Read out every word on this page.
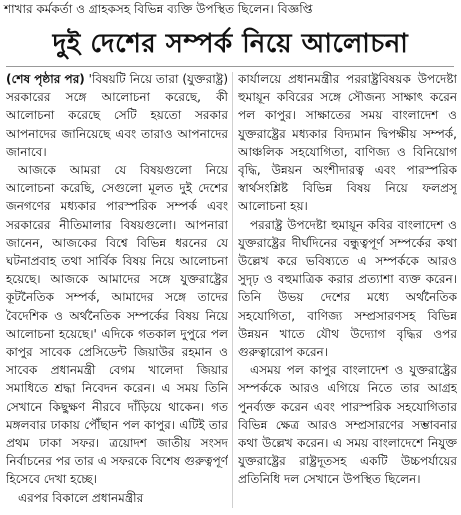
শাখার কর্মকর্তা ও গ্রাহকসহ বিভিন্ন ব্যক্তি উপস্থিত ছিলেন। বিজ্ঞপ্তি
দুই দেশের সম্পর্ক নিয়ে আলোচনা

(শেষ পৃষ্ঠার পর) 'বিষয়টি নিয়ে তারা (যুক্তরাষ্ট্র) সরকারের সঙ্গে আলোচনা করেছে, কী আলোচনা করেছে সেটি হয়তো সরকার আপনাদের জানিয়েছে এবং তারাও আপনাদের জানাবে।

আজকে আমরা যে বিষয়গুলো নিয়ে আলোচনা করেছি, সেগুলো মূলত দুই দেশের জনগণের মধ্যকার পারস্পরিক সম্পর্ক এবং সরকারের নীতিমালার বিষয়গুলো। আপনারা জানেন, আজকের বিশ্বে বিভিন্ন ধরনের যে ঘটনাপ্রবাহ তথা সার্বিক বিষয় নিয়ে আলোচনা হয়েছে। আজকে আমাদের সঙ্গে যুক্তরাষ্ট্রের কূটনৈতিক সম্পর্ক, আমাদের সঙ্গে তাদের বৈদেশিক ও অর্থনৈতিক সম্পর্কের বিষয় নিয়ে আলোচনা হয়েছে।' এদিকে গতকাল দুপুরে পল কাপুর সাবেক প্রেসিডেন্ট জিয়াউর রহমান ও সাবেক প্রধানমন্ত্রী বেগম খালেদা জিয়ার সমাধিতে শ্রদ্ধা নিবেদন করেন। এ সময় তিনি সেখানে কিছুক্ষণ নীরবে দাঁড়িয়ে থাকেন। গত মঙ্গলবার ঢাকায় পৌঁছান পল কাপুর। এটিই তার প্রথম ঢাকা সফর। ত্রয়োদশ জাতীয় সংসদ নির্বাচনের পর তার এ সফরকে বিশেষ গুরুত্বপূর্ণ হিসেবে দেখা হচ্ছে।

এরপর বিকালে প্রধানমন্ত্রীর

কার্যালয়ে প্রধানমন্ত্রীর পররাষ্ট্রবিষয়ক উপদেষ্টা হুমায়ূন কবিরের সঙ্গে সৌজন্য সাক্ষাৎ করেন পল কাপুর। সাক্ষাতের সময় বাংলাদেশ ও যুক্তরাষ্ট্রের মধ্যকার বিদ্যমান দ্বিপক্ষীয় সম্পর্ক, আঞ্চলিক সহযোগিতা, বাণিজ্য ও বিনিয়োগ বৃদ্ধি, উন্নয়ন অংশীদারত্ব এবং পারস্পরিক স্বার্থসংশ্লিষ্ট বিভিন্ন বিষয় নিয়ে ফলপ্রসূ আলোচনা হয়।

পররাষ্ট্র উপদেষ্টা হুমায়ূন কবির বাংলাদেশ ও যুক্তরাষ্ট্রের দীর্ঘদিনের বন্ধুত্বপূর্ণ সম্পর্কের কথা উল্লেখ করে ভবিষ্যতে এ সম্পর্ককে আরও সুদৃঢ় ও বহুমাত্রিক করার প্রত্যাশা ব্যক্ত করেন। তিনি উভয় দেশের মধ্যে অর্থনৈতিক সহযোগিতা, বাণিজ্য সম্প্রসারণসহ বিভিন্ন উন্নয়ন খাতে যৌথ উদ্যোগ বৃদ্ধির ওপর গুরুত্বারোপ করেন।

এসময় পল কাপুর বাংলাদেশ ও যুক্তরাষ্ট্রের সম্পর্ককে আরও এগিয়ে নিতে তার আগ্রহ পুনর্ব্যক্ত করেন এবং পারস্পরিক সহযোগিতার বিভিন্ন ক্ষেত্র আরও সম্প্রসারণের সম্ভাবনার কথা উল্লেখ করেন। এ সময় বাংলাদেশে নিযুক্ত যুক্তরাষ্ট্রের রাষ্ট্রদূতসহ একটি উচ্চপর্যায়ের প্রতিনিধি দল সেখানে উপস্থিত ছিলেন।
